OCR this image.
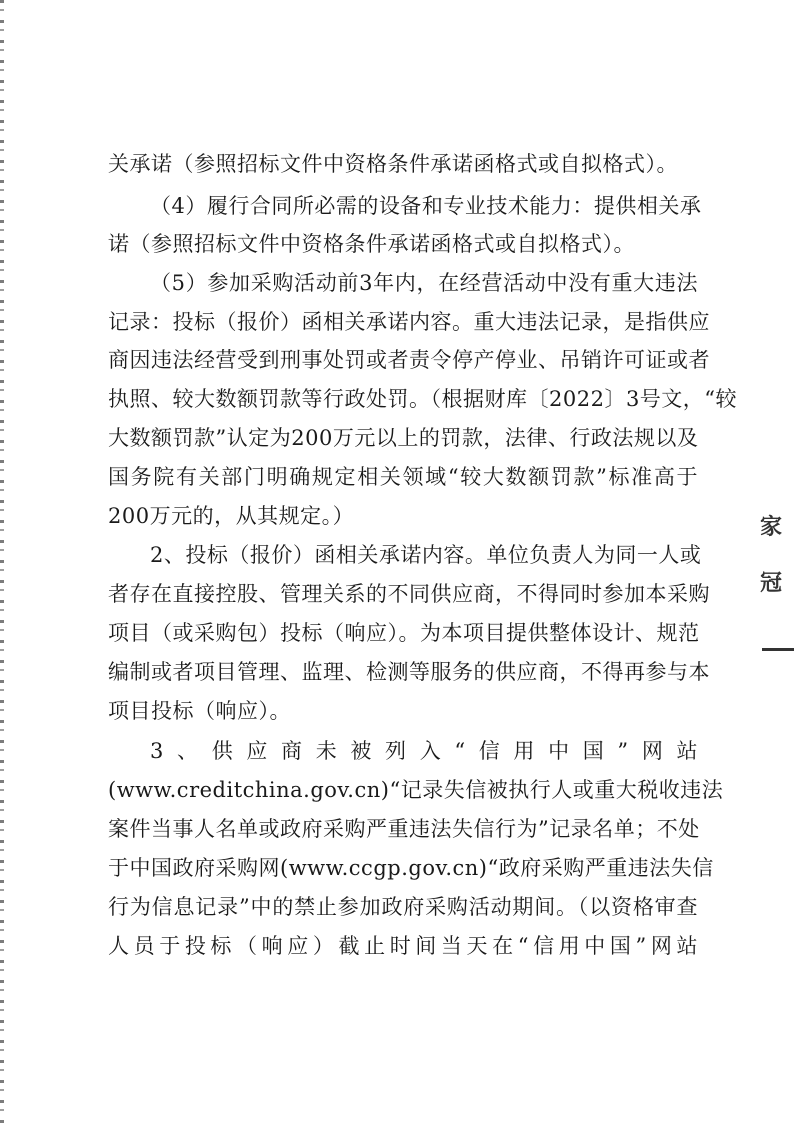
关承诺（参照招标文件中资格条件承诺函格式或自拟格式）。
（4）履行合同所必需的设备和专业技术能力：提供相关承
诺（参照招标文件中资格条件承诺函格式或自拟格式）。
（5）参加采购活动前3年内，在经营活动中没有重大违法
记录：投标（报价）函相关承诺内容。重大违法记录，是指供应
商因违法经营受到刑事处罚或者责令停产停业、吊销许可证或者
执照、较大数额罚款等行政处罚。（根据财库〔2022〕3号文，“较
大数额罚款”认定为200万元以上的罚款，法律、行政法规以及
国务院有关部门明确规定相关领域“较大数额罚款”标准高于
200万元的，从其规定。）
2、投标（报价）函相关承诺内容。单位负责人为同一人或
者存在直接控股、管理关系的不同供应商，不得同时参加本采购
项目（或采购包）投标（响应）。为本项目提供整体设计、规范
编制或者项目管理、监理、检测等服务的供应商，不得再参与本
项目投标（响应）。
3、供应商未被列入“信用中国”网站
(www.creditchina.gov.cn)“记录失信被执行人或重大税收违法
案件当事人名单或政府采购严重违法失信行为”记录名单；不处
于中国政府采购网(www.ccgp.gov.cn)“政府采购严重违法失信
行为信息记录”中的禁止参加政府采购活动期间。（以资格审查
人员于投标（响应）截止时间当天在“信用中国”网站
家
冠
